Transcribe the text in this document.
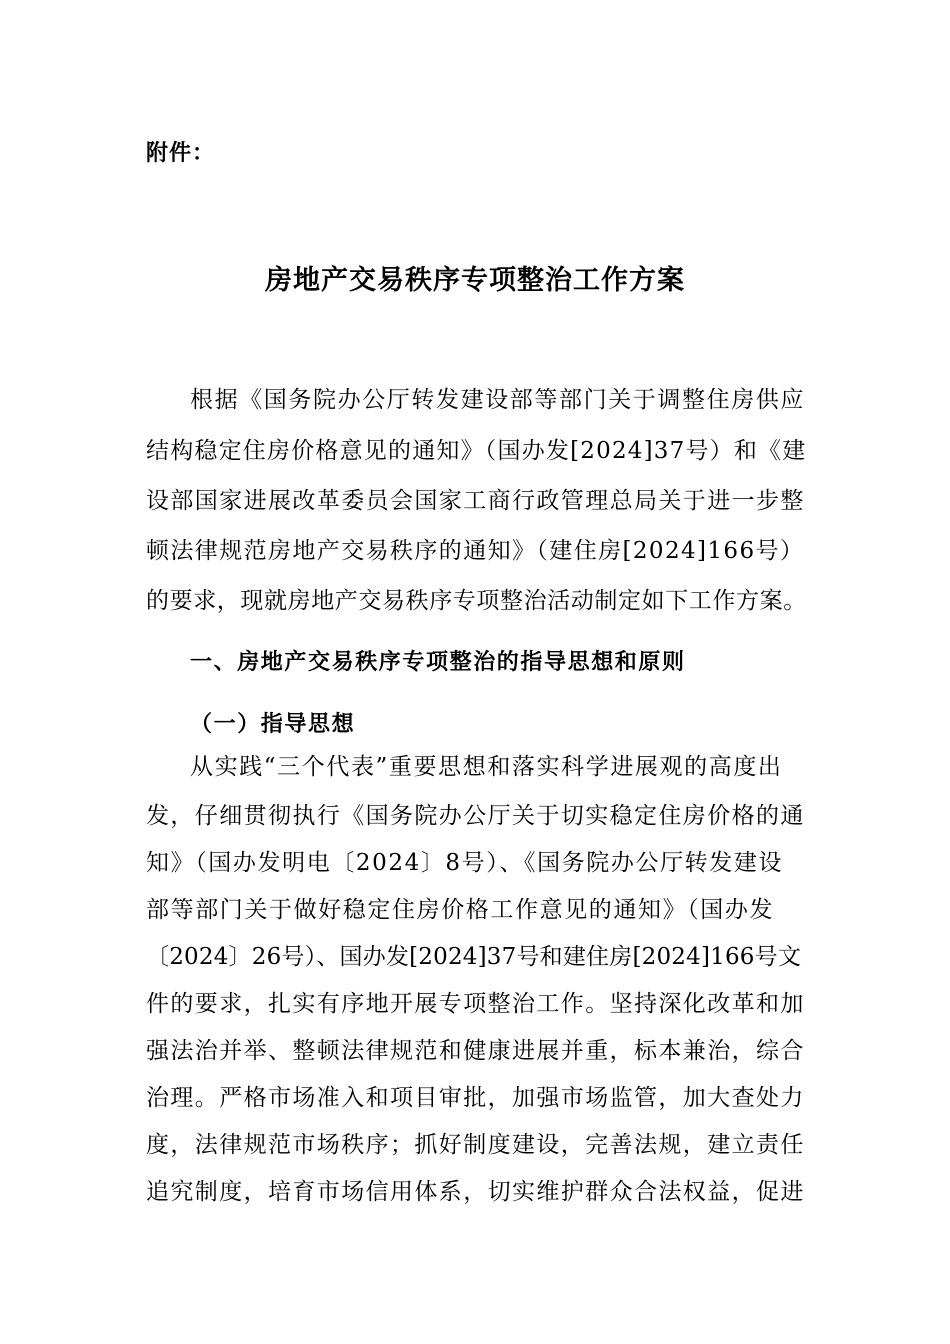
附件：
房地产交易秩序专项整治工作方案
根据《国务院办公厅转发建设部等部门关于调整住房供应
结构稳定住房价格意见的通知》（国办发[2024]37号）和《建
设部国家进展改革委员会国家工商行政管理总局关于进一步整
顿法律规范房地产交易秩序的通知》（建住房[2024]166号）
的要求，现就房地产交易秩序专项整治活动制定如下工作方案。
一、房地产交易秩序专项整治的指导思想和原则
（一）指导思想
从实践“三个代表”重要思想和落实科学进展观的高度出
发，仔细贯彻执行《国务院办公厅关于切实稳定住房价格的通
知》（国办发明电〔2024〕8号）、《国务院办公厅转发建设
部等部门关于做好稳定住房价格工作意见的通知》（国办发
〔2024〕26号）、国办发[2024]37号和建住房[2024]166号文
件的要求，扎实有序地开展专项整治工作。坚持深化改革和加
强法治并举、整顿法律规范和健康进展并重，标本兼治，综合
治理。严格市场准入和项目审批，加强市场监管，加大查处力
度，法律规范市场秩序；抓好制度建设，完善法规，建立责任
追究制度，培育市场信用体系，切实维护群众合法权益，促进
